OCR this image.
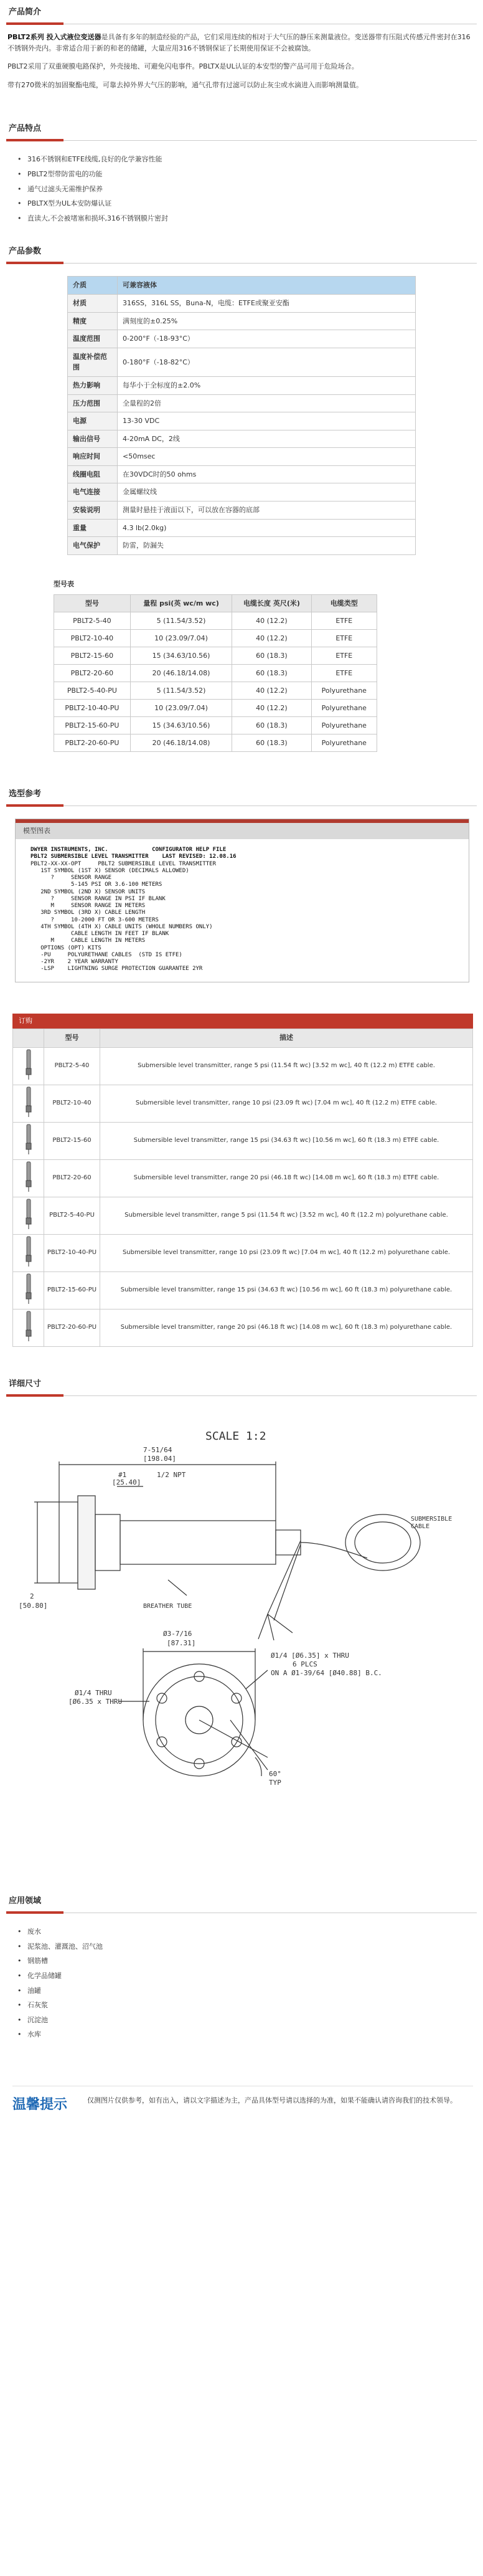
产品简介
PBLT2系列 投入式液位变送器是具备有多年的制造经验的产品，它们采用连续的相对于大气压的静压来测量液位。变送器带有压阻式传感元件密封在316不锈钢外壳内。非常适合用于新的和老的储罐，大量应用316不锈钢保证了长期使用保证不会被腐蚀。
PBLT2采用了双重硬膜电路保护，外壳接地、可避免闪电事件。PBLTX是UL认证的本安型的警产品可用于危险场合。
带有270微米的加固聚酯电缆，可靠去掉外界大气压的影响，通气孔带有过滤可以防止灰尘或水滴进入而影响测量值。
产品特点
• 316不锈钢和ETFE线缆,良好的化学兼容性能
• PBLT2型带防雷电的功能
• 通气过滤头无需维护保养
• PBLTX型为UL本安防爆认证
• 直读大,不会被堵塞和损坏,316不锈钢膜片密封
产品参数
介质	可兼容液体
材质	316SS，316L SS，Buna-N，电缆：ETFE或聚亚安酯
精度	满刻度的±0.25%
温度范围	0-200°F（-18-93°C）
温度补偿范围	0-180°F（-18-82°C）
热力影响	每华小于全标度的±2.0%
压力范围	全量程的2倍
电源	13-30 VDC
输出信号	4-20mA DC，2线
响应时间	<50msec
线圈电阻	在30VDC时的50 ohms
电气连接	金属螺纹线
安装说明	测量时悬挂于液面以下，可以放在容器的底部
重量	4.3 lb(2.0kg)
电气保护	防雷，防漏失
型号表
型号	量程 psi(英 wc/m wc)	电缆长度 英尺(米)	电缆类型
PBLT2-5-40	5 (11.54/3.52)	40 (12.2)	ETFE
PBLT2-10-40	10 (23.09/7.04)	40 (12.2)	ETFE
PBLT2-15-60	15 (34.63/10.56)	60 (18.3)	ETFE
PBLT2-20-60	20 (46.18/14.08)	60 (18.3)	ETFE
PBLT2-5-40-PU	5 (11.54/3.52)	40 (12.2)	Polyurethane
PBLT2-10-40-PU	10 (23.09/7.04)	40 (12.2)	Polyurethane
PBLT2-15-60-PU	15 (34.63/10.56)	60 (18.3)	Polyurethane
PBLT2-20-60-PU	20 (46.18/14.08)	60 (18.3)	Polyurethane
选型参考
模型图表

DWYER INSTRUMENTS, INC.             CONFIGURATOR HELP FILE

PBLT2 SUBMERSIBLE LEVEL TRANSMITTER    LAST REVISED: 12.08.16

PBLT2-XX-XX-OPT     PBLT2 SUBMERSIBLE LEVEL TRANSMITTER

1ST SYMBOL (1ST X) SENSOR (DECIMALS ALLOWED)

?     SENSOR RANGE

5-145 PSI OR 3.6-100 METERS

2ND SYMBOL (2ND X) SENSOR UNITS

?     SENSOR RANGE IN PSI IF BLANK

M     SENSOR RANGE IN METERS

3RD SYMBOL (3RD X) CABLE LENGTH

?     10-2000 FT OR 3-600 METERS

4TH SYMBOL (4TH X) CABLE UNITS (WHOLE NUMBERS ONLY)

CABLE LENGTH IN FEET IF BLANK

M     CABLE LENGTH IN METERS

OPTIONS (OPT) KITS

-PU     POLYURETHANE CABLES  (STD IS ETFE)

-2YR    2 YEAR WARRANTY

-LSP    LIGHTNING SURGE PROTECTION GUARANTEE 2YR

订购
	型号	描述
	PBLT2-5-40	Submersible level transmitter, range 5 psi (11.54 ft wc) [3.52 m wc], 40 ft (12.2 m) ETFE cable.
	PBLT2-10-40	Submersible level transmitter, range 10 psi (23.09 ft wc) [7.04 m wc], 40 ft (12.2 m) ETFE cable.
	PBLT2-15-60	Submersible level transmitter, range 15 psi (34.63 ft wc) [10.56 m wc], 60 ft (18.3 m) ETFE cable.
	PBLT2-20-60	Submersible level transmitter, range 20 psi (46.18 ft wc) [14.08 m wc], 60 ft (18.3 m) ETFE cable.
	PBLT2-5-40-PU	Submersible level transmitter, range 5 psi (11.54 ft wc) [3.52 m wc], 40 ft (12.2 m) polyurethane cable.
	PBLT2-10-40-PU	Submersible level transmitter, range 10 psi (23.09 ft wc) [7.04 m wc], 40 ft (12.2 m) polyurethane cable.
	PBLT2-15-60-PU	Submersible level transmitter, range 15 psi (34.63 ft wc) [10.56 m wc], 60 ft (18.3 m) polyurethane cable.
	PBLT2-20-60-PU	Submersible level transmitter, range 20 psi (46.18 ft wc) [14.08 m wc], 60 ft (18.3 m) polyurethane cable.
详细尺寸
SCALE 1:2
7-51/64
[198.04]
#1
[25.40]
1/2 NPT
SUBMERSIBLE
CABLE
2
[50.80]	BREATHER TUBE
Ø3-7/16
[87.31]
Ø1/4 THRU
[Ø6.35 x THRU
Ø1/4 [Ø6.35] x THRU
6 PLCS
ON A Ø1-39/64 [Ø40.88] B.C.
60°
TYP
应用领域
• 废水
• 泥浆池、灌溉池、沼气池
• 钢筋槽
• 化学品储罐
• 油罐
• 石灰浆
• 沉淀池
• 水库
温馨提示	仅测图片仅供参考，如有出入，请以文字描述为主，产品具体型号请以选择的为准，如果不能确认请咨询我们的技术领导。
